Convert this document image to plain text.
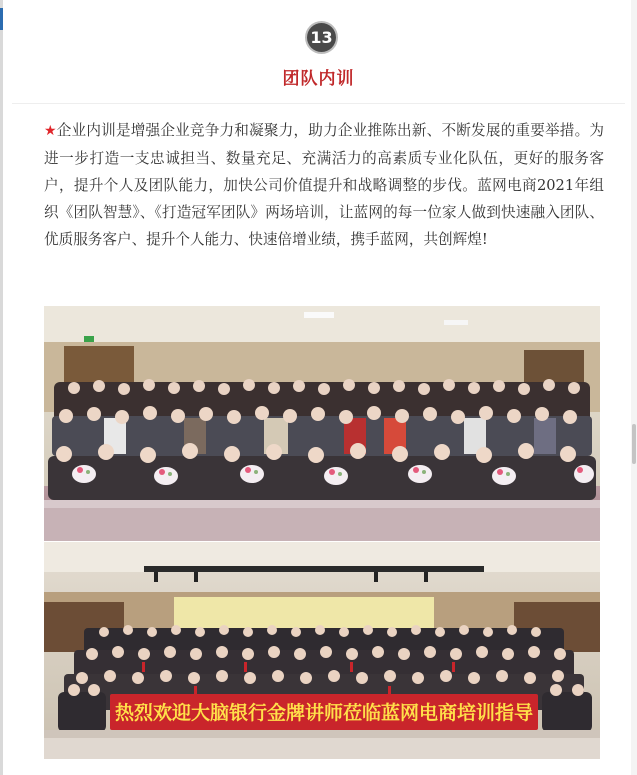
13
团队内训

★企业内训是增强企业竞争力和凝聚力，助力企业推陈出新、不断发展的重要举措。为进一步打造一支忠诚担当、数量充足、充满活力的高素质专业化队伍，更好的服务客户，提升个人及团队能力，加快公司价值提升和战略调整的步伐。蓝网电商2021年组织《团队智慧》、《打造冠军团队》两场培训，让蓝网的每一位家人做到快速融入团队、优质服务客户、提升个人能力、快速倍增业绩，携手蓝网，共创辉煌!

热烈欢迎大脑银行金牌讲师莅临蓝网电商培训指导
